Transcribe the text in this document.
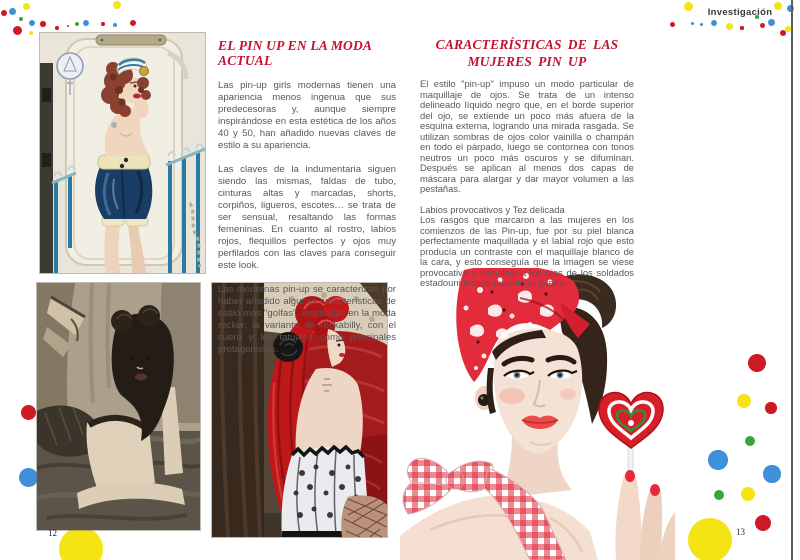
Investigación
EL PIN UP EN LA MODA ACTUAL

Las pin-up girls modernas tienen una apariencia menos ingenua que sus predecesoras y, aunque siempre inspirándose en esta estética de los años 40 y 50, han añadido nuevas claves de estilo a su apariencia.

Las claves de la indumentaria siguen siendo las mismas, faldas de tubo, cinturas altas y marcadas, shorts, corpiños, ligueros, escotes… se trata de ser sensual, resaltando las formas femeninas. En cuanto al rostro, labios rojos, flequillos perfectos y ojos muy perfilados con las claves para conseguir este look.

Las modernas pin-up se caracterizan por haber añadido algunas características de estilo más "golfas", inspiradas en la moda rocker, la variante de rockabilly, con el cuero y los tatuajes como principales protagonistas.

CARACTERÍSTICAS DE LAS MUJERES PIN UP

El estilo "pin-up" impuso un modo particular de maquillaje de ojos. Se trata de un intenso delineado líquido negro que, en el borde superior del ojo, se extiende un poco más afuera de la esquina externa, logrando una mirada rasgada. Se utilizan sombras de ojos color vainilla o champán en todo el párpado, luego se contornea con tonos neutros un poco más oscuros y se difuminan. Después se aplican al menos dos capas de máscara para alargar y dar mayor volumen a las pestañas.

Labios provocativos y Tez delicada

Los rasgos que marcaron a las mujeres en los comienzos de las Pin-up, fue por su piel blanca perfectamente maquillada y el labial rojo que esto producía un contraste con el maquillaje blanco de la cara, y esto conseguía que la imagen se viese provocativa y llamativa a los ojos de los soldados estadounidenses durante la guerra.

12	13
